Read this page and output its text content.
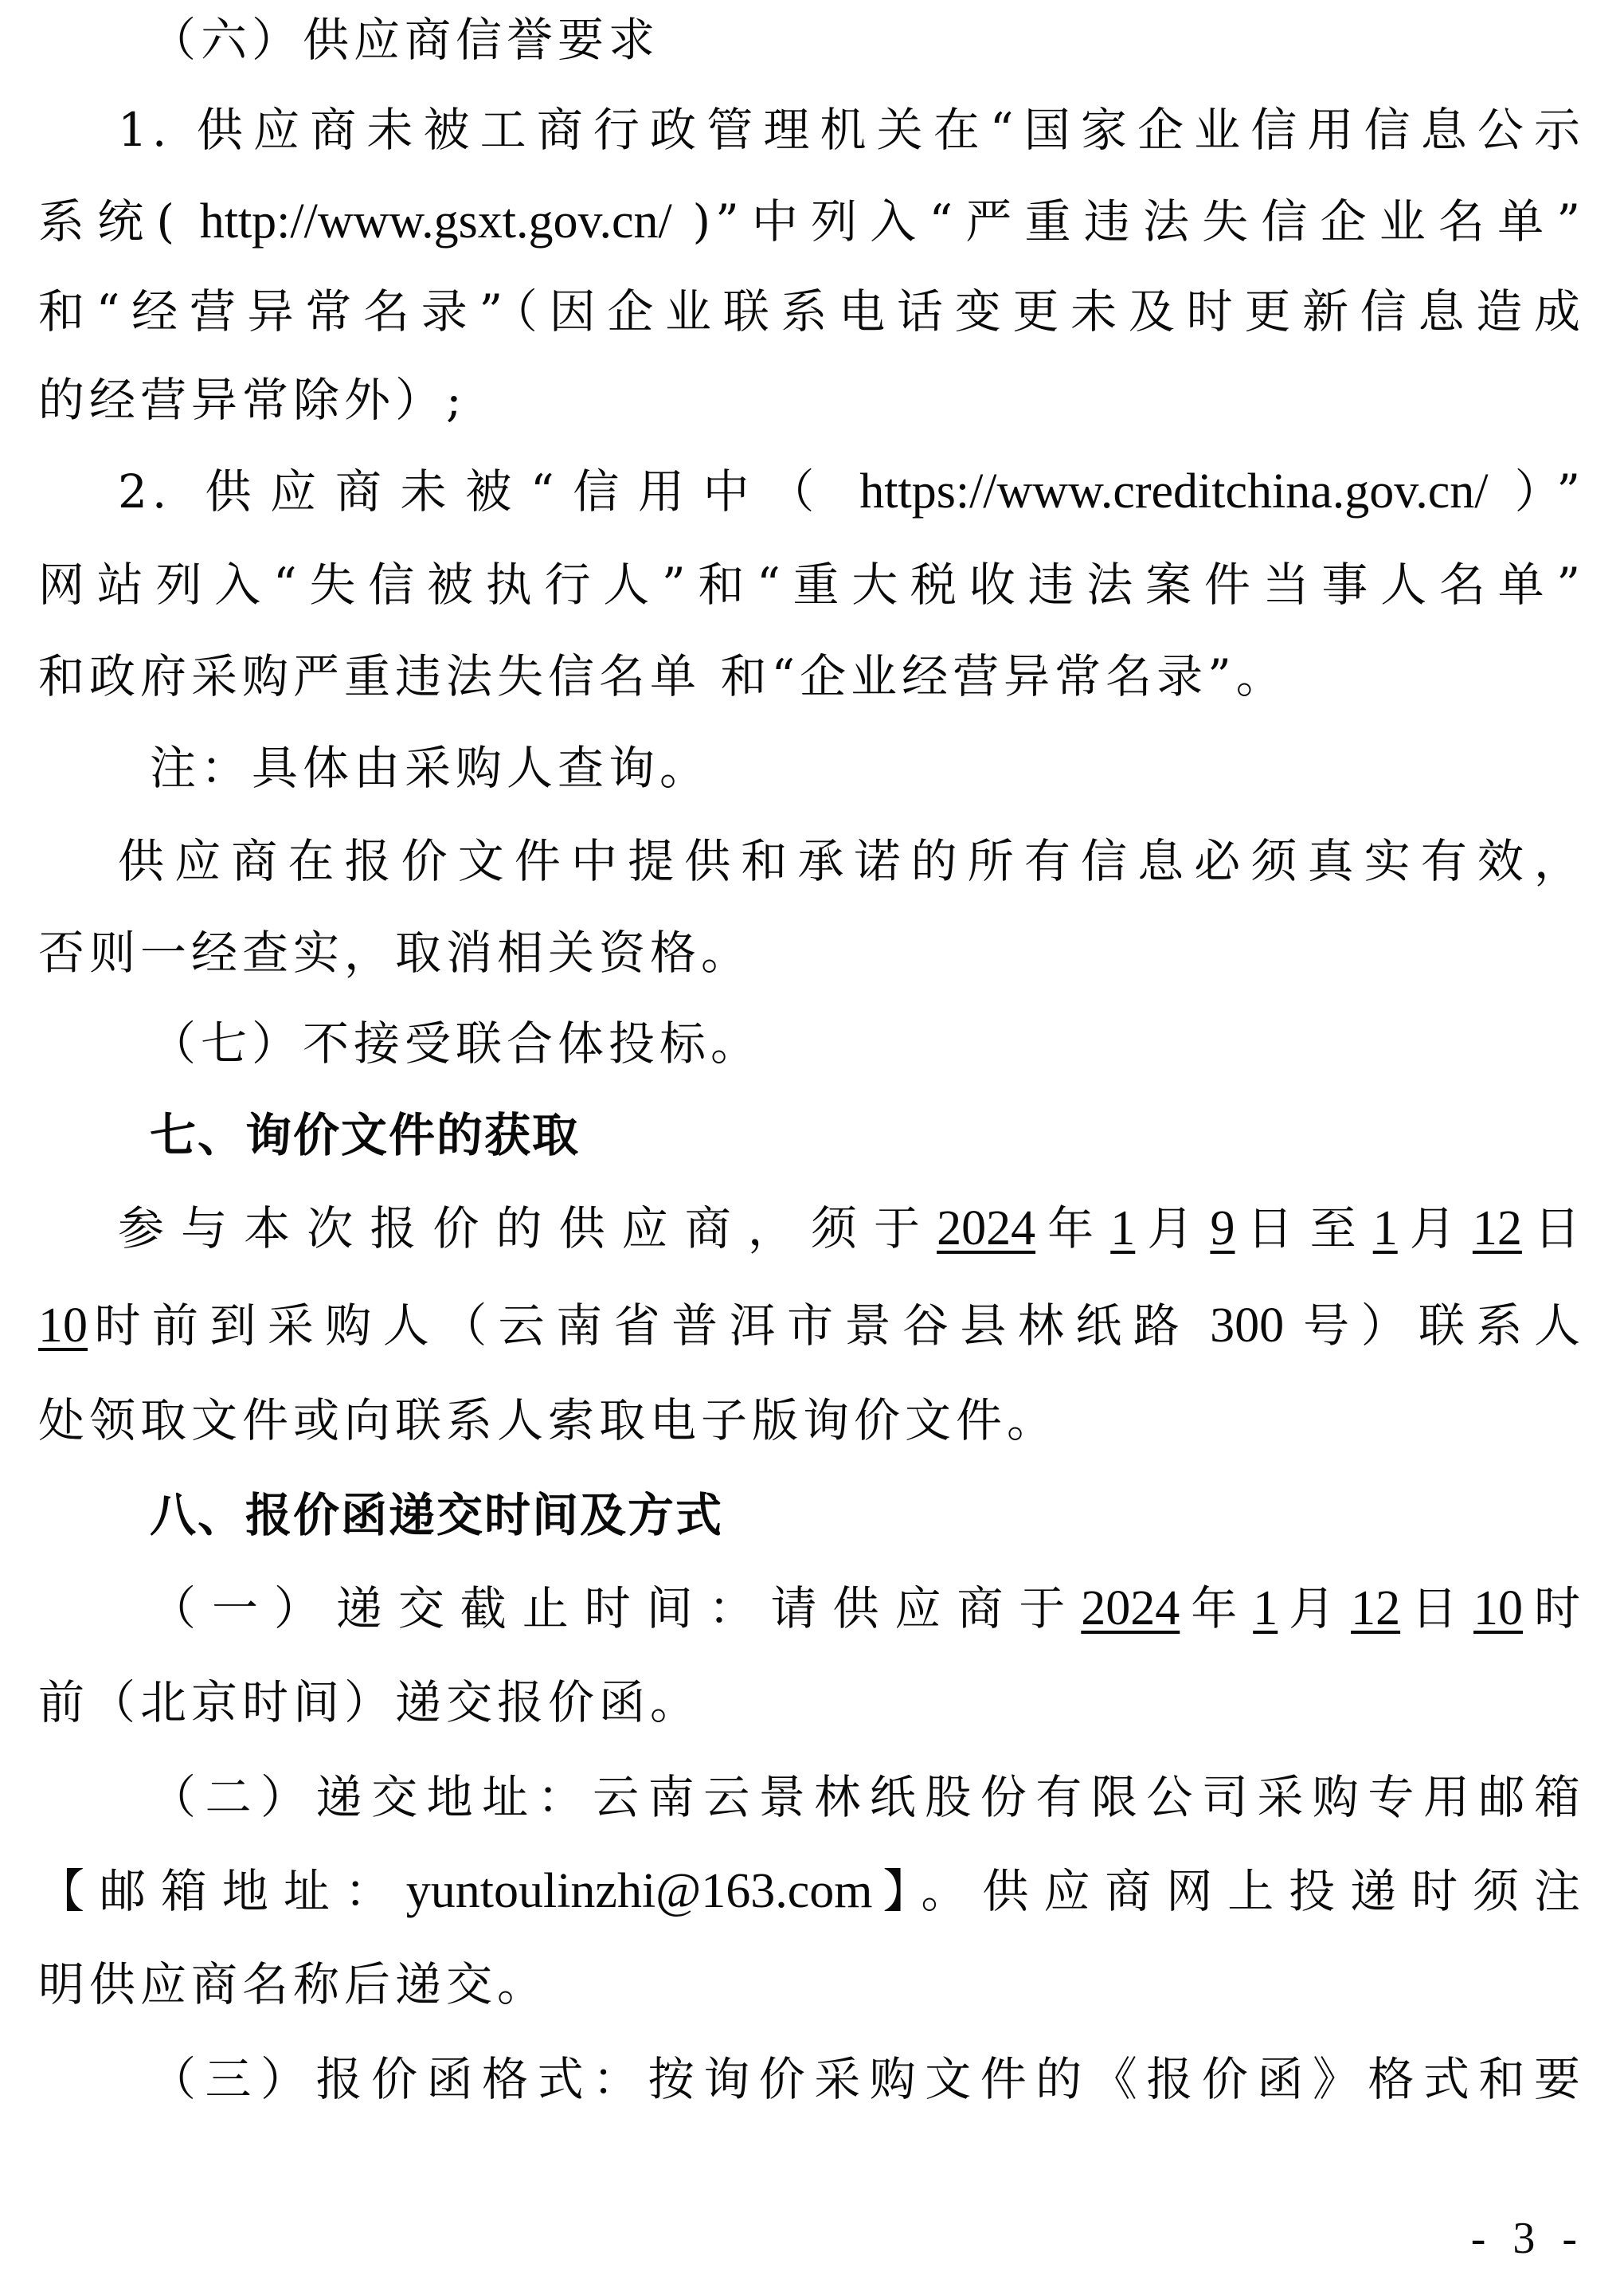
（六）供应商信誉要求
1. 供应商未被工商行政管理机关在“国家企业信用信息公示
系统( http://www.gsxt.gov.cn/ )”中列入“严重违法失信企业名单”
和“经营异常名录”（因企业联系电话变更未及时更新信息造成
的经营异常除外）;
2. 供应商未被“信用中（ https://www.creditchina.gov.cn/ ）”
网站列入“失信被执行人”和“重大税收违法案件当事人名单”
和政府采购严重违法失信名单 和“企业经营异常名录”。
注：具体由采购人查询。
供应商在报价文件中提供和承诺的所有信息必须真实有效，
否则一经查实，取消相关资格。
（七）不接受联合体投标。
七、询价文件的获取
参与本次报价的供应商，须于2024年1月9日至1月12日
10时前到采购人（云南省普洱市景谷县林纸路 300 号）联系人
处领取文件或向联系人索取电子版询价文件。
八、报价函递交时间及方式
（一）递交截止时间：请供应商于2024年1月12日10时
前（北京时间）递交报价函。
（二）递交地址：云南云景林纸股份有限公司采购专用邮箱
【邮箱地址：yuntoulinzhi@163.com】。供应商网上投递时须注
明供应商名称后递交。
（三）报价函格式：按询价采购文件的《报价函》格式和要
- 3 -
